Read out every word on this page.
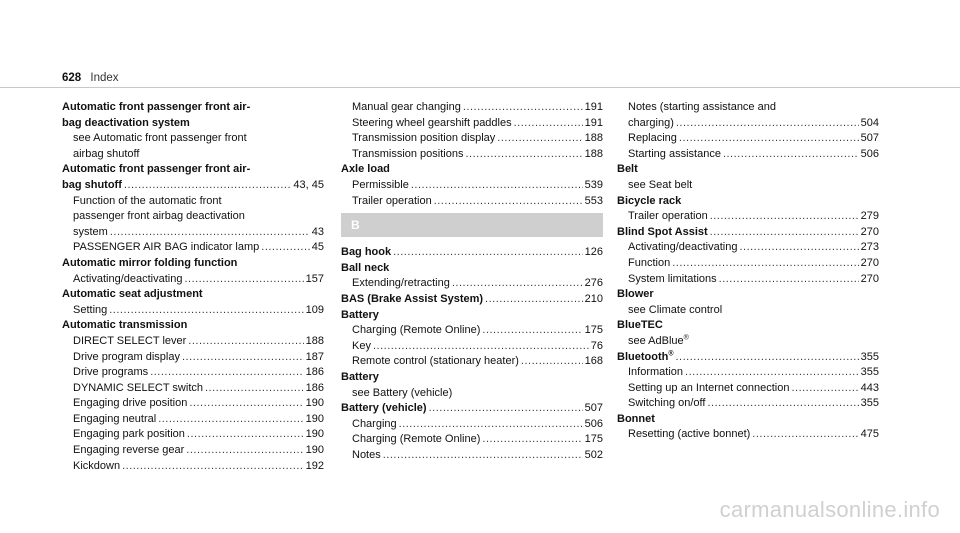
628 Index
Automatic front passenger front air-
bag deactivation system
see Automatic front passenger front
airbag shutoff
Automatic front passenger front air-
bag shutoff .....	43, 45
Function of the automatic front
passenger front airbag deactivation
system .....	43
PASSENGER AIR BAG indicator lamp .....	45
Automatic mirror folding function
Activating/deactivating .....	157
Automatic seat adjustment
Setting .....	109
Automatic transmission
DIRECT SELECT lever .....	188
Drive program display .....	187
Drive programs .....	186
DYNAMIC SELECT switch .....	186
Engaging drive position .....	190
Engaging neutral .....	190
Engaging park position .....	190
Engaging reverse gear .....	190
Kickdown .....	192
Manual gear changing .....	191
Steering wheel gearshift paddles .....	191
Transmission position display .....	188
Transmission positions .....	188
Axle load
Permissible .....	539
Trailer operation .....	553
B
Bag hook .....	126
Ball neck
Extending/retracting .....	276
BAS (Brake Assist System) .....	210
Battery
Charging (Remote Online) .....	175
Key .....	76
Remote control (stationary heater) .....	168
Battery
see Battery (vehicle)
Battery (vehicle) .....	507
Charging .....	506
Charging (Remote Online) .....	175
Notes .....	502
Notes (starting assistance and
charging) .....	504
Replacing .....	507
Starting assistance .....	506
Belt
see Seat belt
Bicycle rack
Trailer operation .....	279
Blind Spot Assist .....	270
Activating/deactivating .....	273
Function .....	270
System limitations .....	270
Blower
see Climate control
BlueTEC
see AdBlue®
Bluetooth® .....	355
Information .....	355
Setting up an Internet connection .....	443
Switching on/off .....	355
Bonnet
Resetting (active bonnet) .....	475
carmanualsonline.info
